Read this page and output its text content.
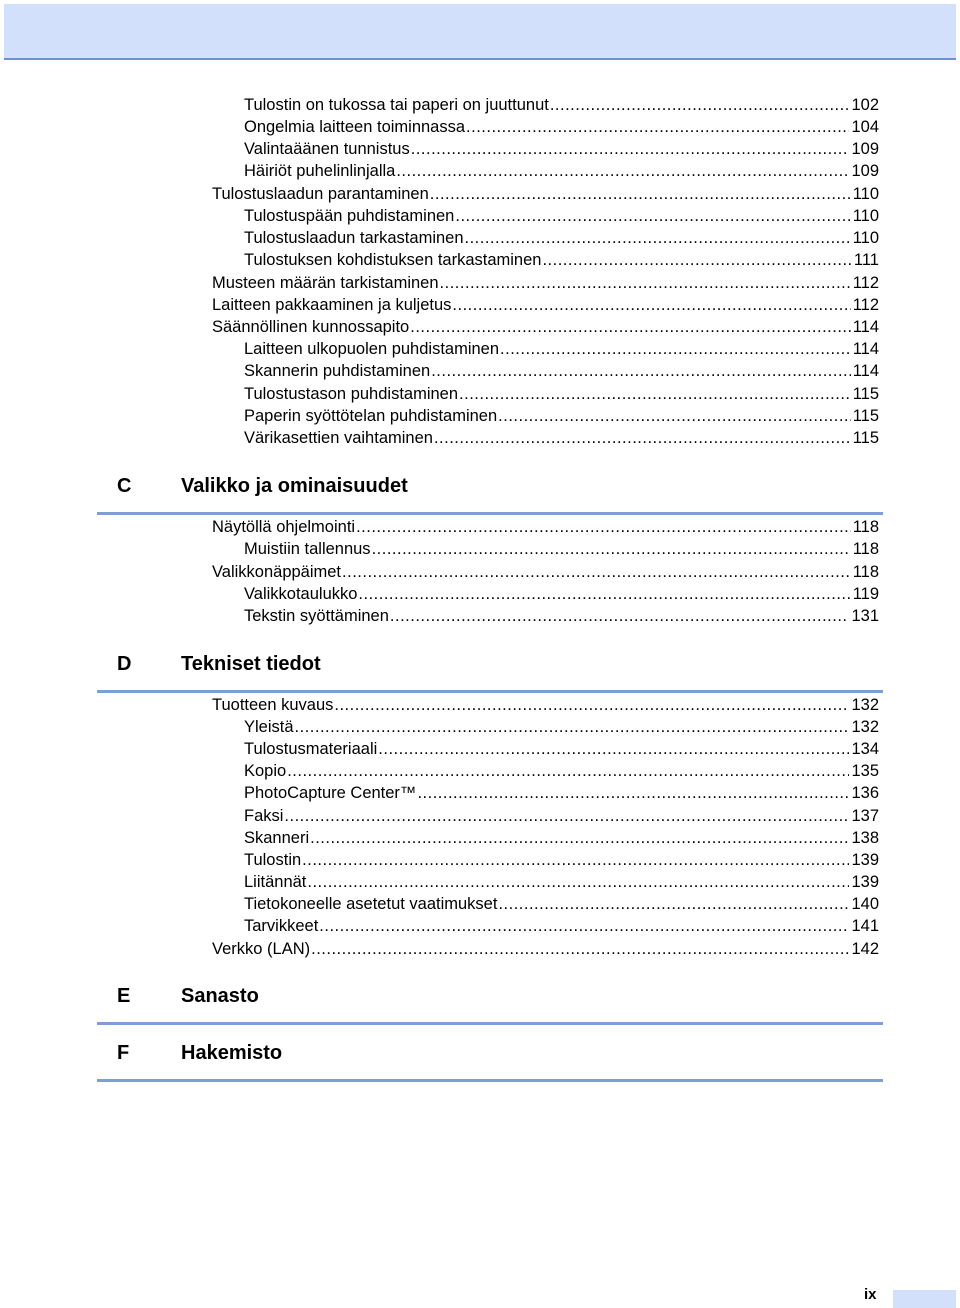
Tulostin on tukossa tai paperi on juuttunut .....	102
Ongelmia laitteen toiminnassa .....	104
Valintaäänen tunnistus .....	109
Häiriöt puhelinlinjalla .....	109
Tulostuslaadun parantaminen .....	110
Tulostuspään puhdistaminen .....	110
Tulostuslaadun tarkastaminen .....	110
Tulostuksen kohdistuksen tarkastaminen .....	111
Musteen määrän tarkistaminen .....	112
Laitteen pakkaaminen ja kuljetus .....	112
Säännöllinen kunnossapito .....	114
Laitteen ulkopuolen puhdistaminen .....	114
Skannerin puhdistaminen .....	114
Tulostustason puhdistaminen .....	115
Paperin syöttötelan puhdistaminen .....	115
Värikasettien vaihtaminen .....	115
C Valikko ja ominaisuudet
Näytöllä ohjelmointi .....	118
Muistiin tallennus .....	118
Valikkonäppäimet .....	118
Valikkotaulukko .....	119
Tekstin syöttäminen .....	131
D Tekniset tiedot
Tuotteen kuvaus .....	132
Yleistä .....	132
Tulostusmateriaali .....	134
Kopio .....	135
PhotoCapture Center™ .....	136
Faksi .....	137
Skanneri .....	138
Tulostin .....	139
Liitännät .....	139
Tietokoneelle asetetut vaatimukset .....	140
Tarvikkeet .....	141
Verkko (LAN) .....	142
E	Sanasto
F	Hakemisto
ix
